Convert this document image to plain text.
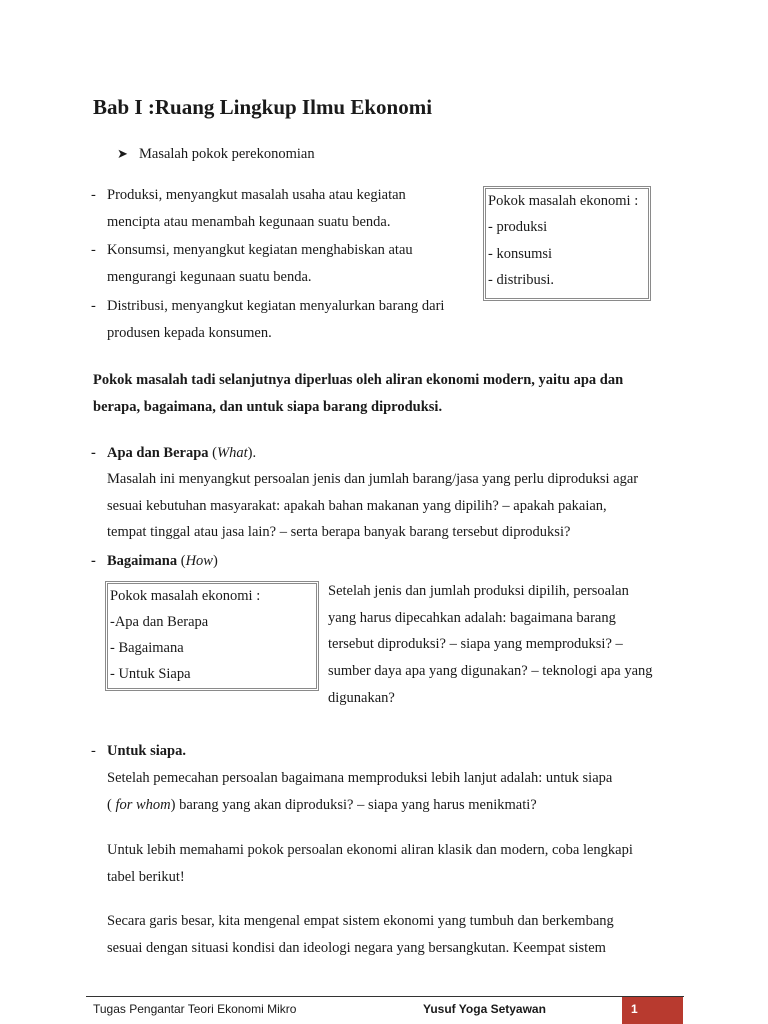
Bab I :Ruang Lingkup Ilmu Ekonomi
➤ Masalah pokok perekonomian
- Produksi, menyangkut masalah usaha atau kegiatan
mencipta atau menambah kegunaan suatu benda.
- Konsumsi, menyangkut kegiatan menghabiskan atau
mengurangi kegunaan suatu benda.
- Distribusi, menyangkut kegiatan menyalurkan barang dari
produsen kepada konsumen.
Pokok masalah ekonomi :
- produksi
- konsumsi
- distribusi.
Pokok masalah tadi selanjutnya diperluas oleh aliran ekonomi modern, yaitu apa dan
berapa, bagaimana, dan untuk siapa barang diproduksi.
- Apa dan Berapa (What).
Masalah ini menyangkut persoalan jenis dan jumlah barang/jasa yang perlu diproduksi agar
sesuai kebutuhan masyarakat: apakah bahan makanan yang dipilih? – apakah pakaian,
tempat tinggal atau jasa lain? – serta berapa banyak barang tersebut diproduksi?
- Bagaimana (How)
Pokok masalah ekonomi :
-Apa dan Berapa
- Bagaimana
- Untuk Siapa
Setelah jenis dan jumlah produksi dipilih, persoalan
yang harus dipecahkan adalah: bagaimana barang
tersebut diproduksi? – siapa yang memproduksi? –
sumber daya apa yang digunakan? – teknologi apa yang
digunakan?
- Untuk siapa.
Setelah pemecahan persoalan bagaimana memproduksi lebih lanjut adalah: untuk siapa
( for whom) barang yang akan diproduksi? – siapa yang harus menikmati?
Untuk lebih memahami pokok persoalan ekonomi aliran klasik dan modern, coba lengkapi
tabel berikut!
Secara garis besar, kita mengenal empat sistem ekonomi yang tumbuh dan berkembang
sesuai dengan situasi kondisi dan ideologi negara yang bersangkutan. Keempat sistem
Tugas Pengantar Teori Ekonomi Mikro	Yusuf Yoga Setyawan	1
